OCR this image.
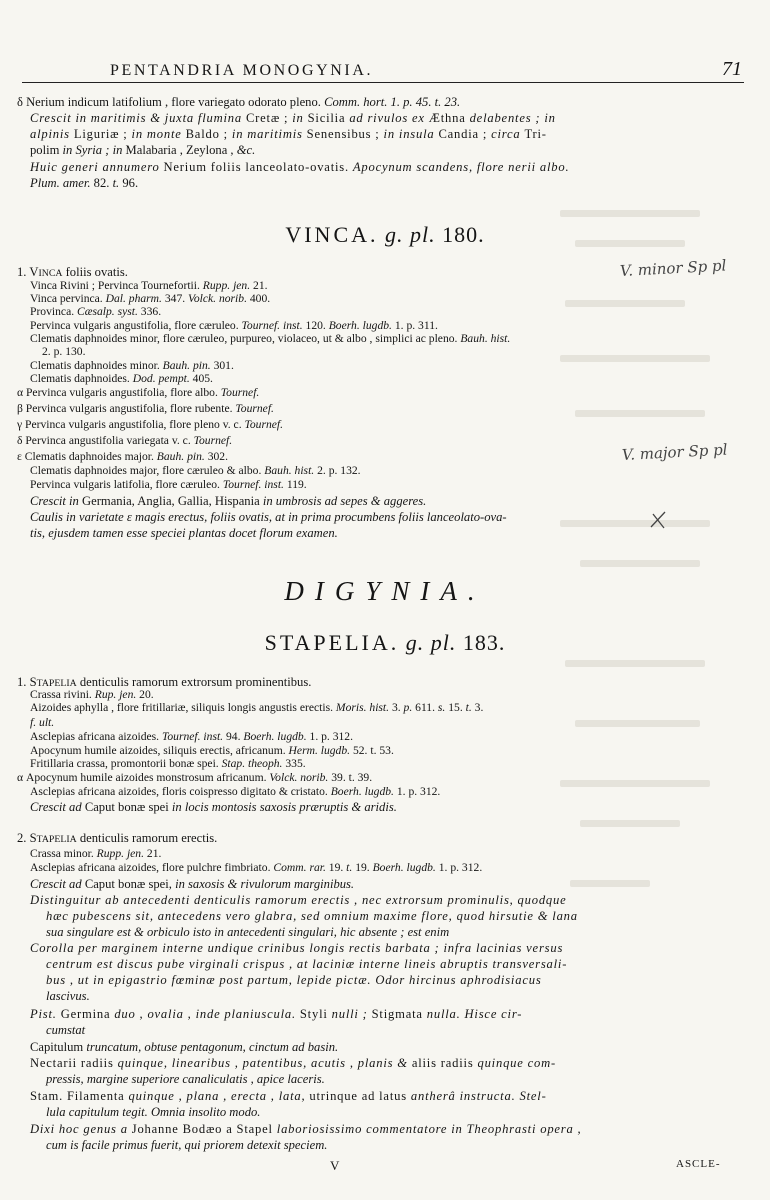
PENTANDRIA MONOGYNIA.	71
δ Nerium indicum latifolium , flore variegato odorato pleno. Comm. hort. 1. p. 45. t. 23.
Crescit in maritimis & juxta flumina Cretæ ; in Sicilia ad rivulos ex Æthna delabentes ; in
alpinis Liguriæ ; in monte Baldo ; in maritimis Senensibus ; in insula Candia ; circa Tri-
polim in Syria ; in Malabaria , Zeylona , &c.
Huic generi annumero Nerium foliis lanceolato-ovatis. Apocynum scandens, flore nerii albo.
Plum. amer. 82. t. 96.
VINCA. g. pl. 180.
1. VINCA foliis ovatis.
Vinca Rivini ; Pervinca Tournefortii. Rupp. jen. 21.
Vinca pervinca. Dal. pharm. 347. Volck. norib. 400.
Provinca. Cæsalp. syst. 336.
Pervinca vulgaris angustifolia, flore cæruleo. Tournef. inst. 120. Boerh. lugdb. 1. p. 311.
Clematis daphnoides minor, flore cæruleo, purpureo, violaceo, ut & albo , simplici ac pleno. Bauh. hist.
2. p. 130.
Clematis daphnoides minor. Bauh. pin. 301.
Clematis daphnoides. Dod. pempt. 405.
α Pervinca vulgaris angustifolia, flore albo. Tournef.
β Pervinca vulgaris angustifolia, flore rubente. Tournef.
γ Pervinca vulgaris angustifolia, flore pleno v. c. Tournef.
δ Pervinca angustifolia variegata v. c. Tournef.
ε Clematis daphnoides major. Bauh. pin. 302.
Clematis daphnoides major, flore cæruleo & albo. Bauh. hist. 2. p. 132.
Pervinca vulgaris latifolia, flore cæruleo. Tournef. inst. 119.
Crescit in Germania, Anglia, Gallia, Hispania in umbrosis ad sepes & aggeres.
Caulis in varietate ε magis erectus, foliis ovatis, at in prima procumbens foliis lanceolato-ova-
tis, ejusdem tamen esse speciei plantas docet florum examen.
DIGYNIA.
STAPELIA. g. pl. 183.
1. STAPELIA denticulis ramorum extrorsum prominentibus.
Crassa rivini. Rup. jen. 20.
Aizoides aphylla , flore fritillariæ, siliquis longis angustis erectis. Moris. hist. 3. p. 611. s. 15. t. 3.
f. ult.
Asclepias africana aizoides. Tournef. inst. 94. Boerh. lugdb. 1. p. 312.
Apocynum humile aizoides, siliquis erectis, africanum. Herm. lugdb. 52. t. 53.
Fritillaria crassa, promontorii bonæ spei. Stap. theoph. 335.
α Apocynum humile aizoides monstrosum africanum. Volck. norib. 39. t. 39.
Asclepias africana aizoides, floris coispresso digitato & cristato. Boerh. lugdb. 1. p. 312.
Crescit ad Caput bonæ spei in locis montosis saxosis præruptis & aridis.
2. STAPELIA denticulis ramorum erectis.
Crassa minor. Rupp. jen. 21.
Asclepias africana aizoides, flore pulchre fimbriato. Comm. rar. 19. t. 19. Boerh. lugdb. 1. p. 312.
Crescit ad Caput bonæ spei, in saxosis & rivulorum marginibus.
Distinguitur ab antecedenti denticulis ramorum erectis , nec extrorsum prominulis, quodque
hæc pubescens sit, antecedens vero glabra, sed omnium maxime flore, quod hirsutie & lana
sua singulare est & orbiculo isto in antecedenti singulari, hic absente ; est enim
Corolla per marginem interne undique crinibus longis rectis barbata ; infra lacinias versus
centrum est discus pube virginali crispus , at laciniæ interne lineis abruptis transversali-
bus , ut in epigastrio fœminæ post partum, lepide pictæ. Odor hircinus aphrodisiacus
lascivus.
Pist. Germina duo , ovalia , inde planiuscula. Styli nulli ; Stigmata nulla. Hisce cir-
cumstat
Capitulum truncatum, obtuse pentagonum, cinctum ad basin.
Nectarii radiis quinque, linearibus , patentibus, acutis , planis & aliis radiis quinque com-
pressis, margine superiore canaliculatis , apice laceris.
Stam. Filamenta quinque , plana , erecta , lata, utrinque ad latus antherâ instructa. Stel-
lula capitulum tegit. Omnia insolito modo.
Dixi hoc genus a Johanne Bodæo a Stapel laboriosissimo commentatore in Theophrasti opera ,
cum is facile primus fuerit, qui priorem detexit speciem.
V. minor Sp pl
V. major Sp pl
V	ASCLE-
